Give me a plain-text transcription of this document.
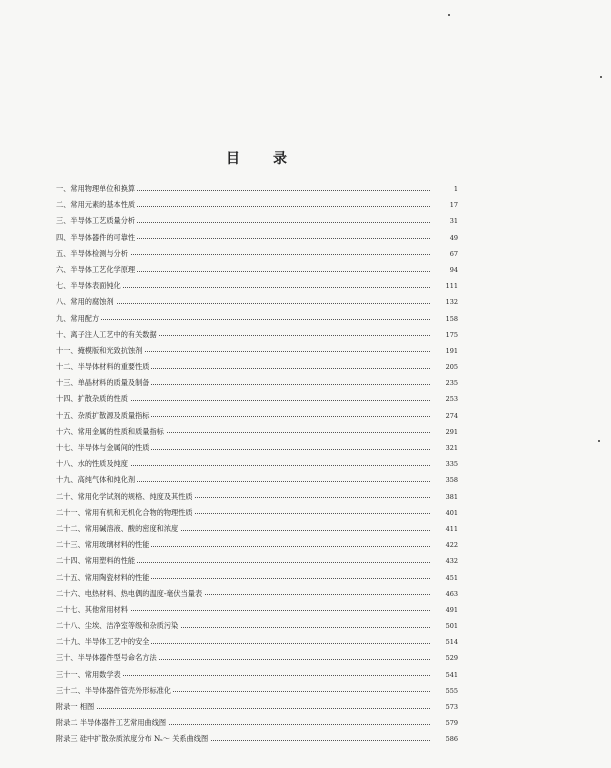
目 录
一、常用物理单位和换算	1
二、常用元素的基本性质	17
三、半导体工艺质量分析	31
四、半导体器件的可靠性	49
五、半导体检测与分析	67
六、半导体工艺化学原理	94
七、半导体表面钝化	111
八、常用的腐蚀剂	132
九、常用配方	158
十、离子注人工艺中的有关数据	175
十一、掩模版和光致抗蚀剂	191
十二、半导体材料的重要性质	205
十三、单晶材料的质量及制备	235
十四、扩散杂质的性质	253
十五、杂质扩散源及质量指标	274
十六、常用金属的性质和质量指标	291
十七、半导体与金属间的性质	321
十八、水的性质及纯度	335
十九、高纯气体和纯化剂	358
二十、常用化学试剂的规格、纯度及其性质	381
二十一、常用有机和无机化合物的物理性质	401
二十二、常用碱溶液、酸的密度和浓度	411
二十三、常用玻璃材料的性能	422
二十四、常用塑料的性能	432
二十五、常用陶瓷材料的性能	451
二十六、电热材料、热电偶的温度-毫伏当量表	463
二十七、其他常用材料	491
二十八、尘埃、洁净室等级和杂质污染	501
二十九、半导体工艺中的安全	514
三十、半导体器件型号命名方法	529
三十一、常用数学表	541
三十二、半导体器件管壳外形标准化	555
附录一 相图	573
附录二 半导体器件工艺常用曲线图	579
附录三 硅中扩散杂质浓度分布 Nₛ～ 关系曲线图	586
